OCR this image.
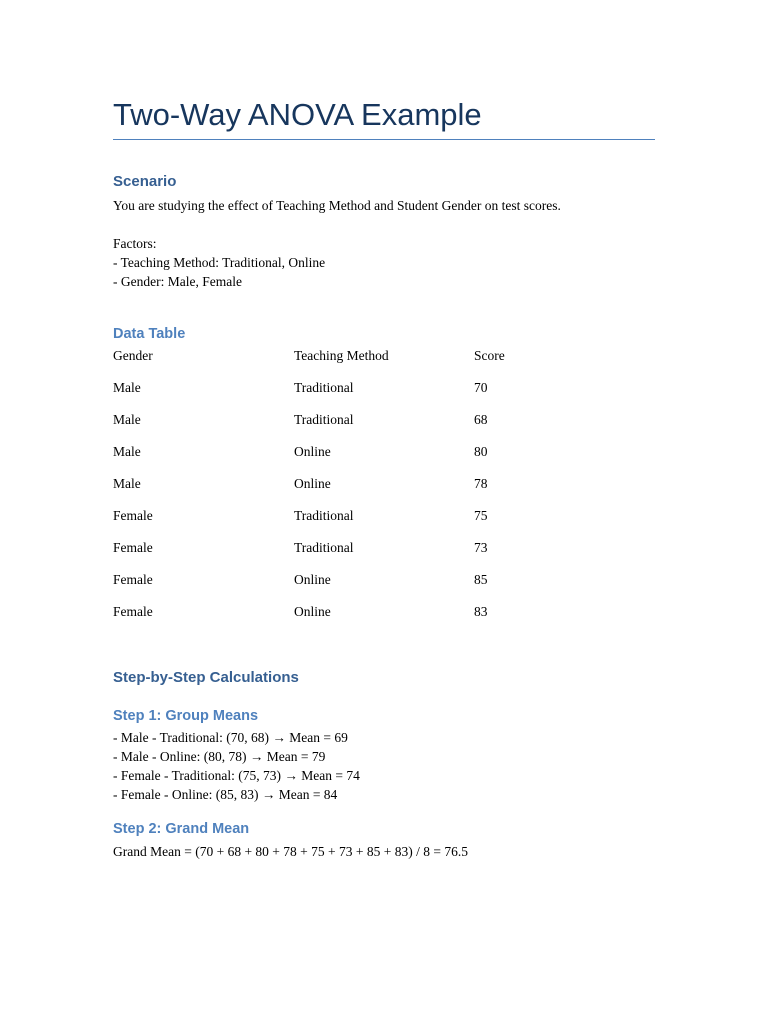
Two-Way ANOVA Example
Scenario
You are studying the effect of Teaching Method and Student Gender on test scores.
Factors:
- Teaching Method: Traditional, Online
- Gender: Male, Female
Data Table
Gender	Teaching Method	Score
Male	Traditional	70
Male	Traditional	68
Male	Online	80
Male	Online	78
Female	Traditional	75
Female	Traditional	73
Female	Online	85
Female	Online	83
Step-by-Step Calculations
Step 1: Group Means
- Male - Traditional: (70, 68) → Mean = 69
- Male - Online: (80, 78) → Mean = 79
- Female - Traditional: (75, 73) → Mean = 74
- Female - Online: (85, 83) → Mean = 84
Step 2: Grand Mean
Grand Mean = (70 + 68 + 80 + 78 + 75 + 73 + 85 + 83) / 8 = 76.5
